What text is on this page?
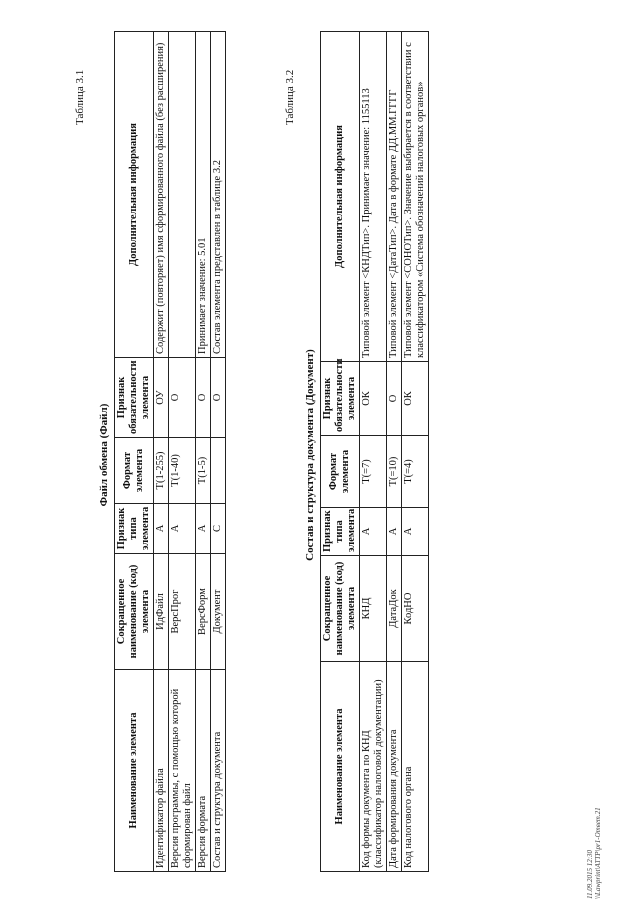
Таблица 3.1
Файл обмена (Файл)
Наименование элемента	Сокращенное наименование (код) элемента	Признак типа элемента	Формат элемента	Признак обязательности элемента	Дополнительная информация
Идентификатор файла	ИдФайл	А	T(1-255)	ОУ	Содержит (повторяет) имя сформированного файла (без расширения)
Версия программы, с помощью которой сформирован файл	ВерсПрог	А	T(1-40)	О	
Версия формата	ВерсФорм	А	T(1-5)	О	Принимает значение: 5.01
Состав и структура документа	Документ	С		О	Состав элемента представлен в таблице 3.2
Таблица 3.2
Состав и структура документа (Документ)
Наименование элемента	Сокращенное наименование (код) элемента	Признак типа элемента	Формат элемента	Признак обязательности элемента	Дополнительная информация
Код формы документа по КНД (классификатор налоговой документации)	КНД	А	T(=7)	ОК	Типовой элемент <КНДТип>. Принимает значение: 1155113
Дата формирования документа	ДатаДок	А	T(=10)	О	Типовой элемент <ДатаТип>. Дата в формате ДД.ММ.ГГГГ
Код налогового органа	КодНО	А	T(=4)	ОК	Типовой элемент <СОНОТип>. Значение выбирается в соответствии с классификатором «Система обозначений налоговых органов»
11.09.2015 12:30 \\Lawprint\ATTP\pr1-Ответ.21
